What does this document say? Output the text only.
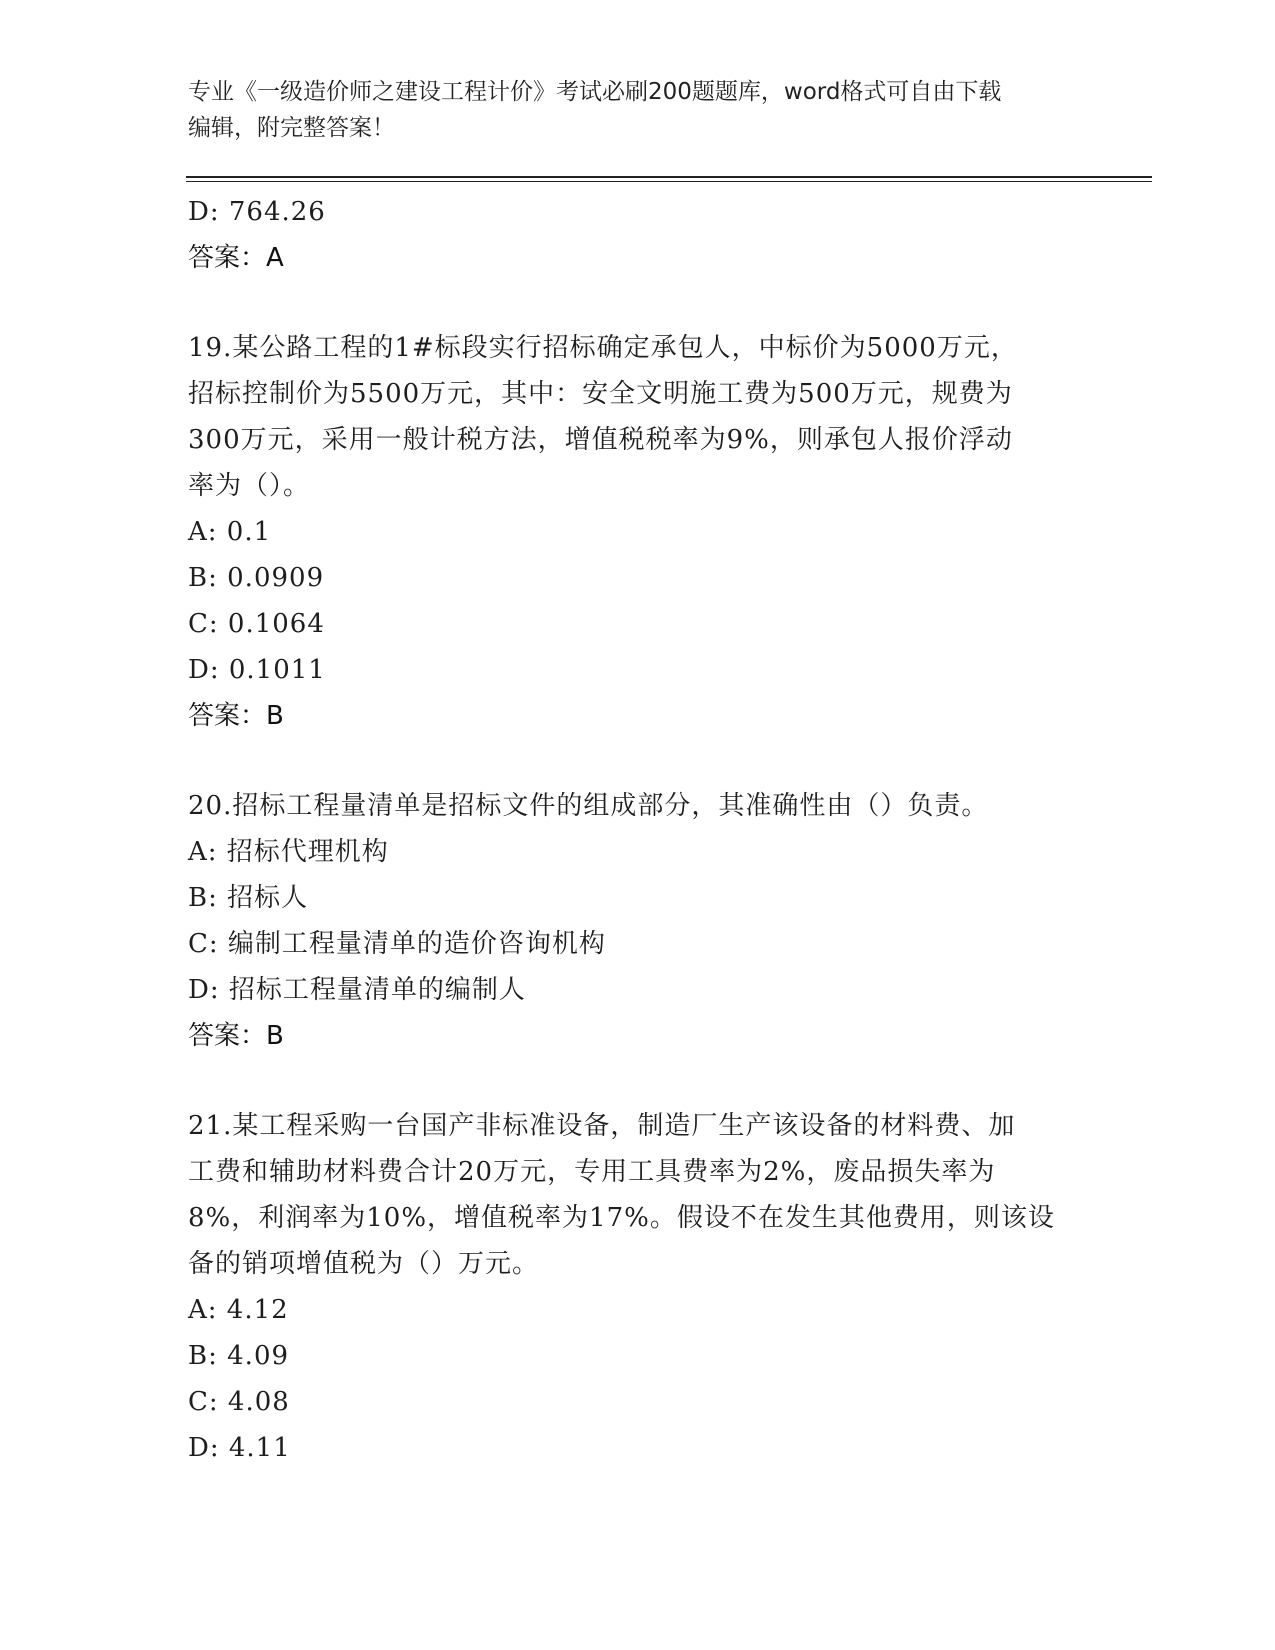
专业《一级造价师之建设工程计价》考试必刷200题题库，word格式可自由下载
编辑，附完整答案！
D: 764.26
答案：A
19.某公路工程的1#标段实行招标确定承包人，中标价为5000万元，
招标控制价为5500万元，其中：安全文明施工费为500万元，规费为
300万元，采用一般计税方法，增值税税率为9%，则承包人报价浮动
率为（）。
A: 0.1
B: 0.0909
C: 0.1064
D: 0.1011
答案：B
20.招标工程量清单是招标文件的组成部分，其准确性由（）负责。
A: 招标代理机构
B: 招标人
C: 编制工程量清单的造价咨询机构
D: 招标工程量清单的编制人
答案：B
21.某工程采购一台国产非标准设备，制造厂生产该设备的材料费、加
工费和辅助材料费合计20万元，专用工具费率为2%，废品损失率为
8%，利润率为10%，增值税率为17%。假设不在发生其他费用，则该设
备的销项增值税为（）万元。
A: 4.12
B: 4.09
C: 4.08
D: 4.11
